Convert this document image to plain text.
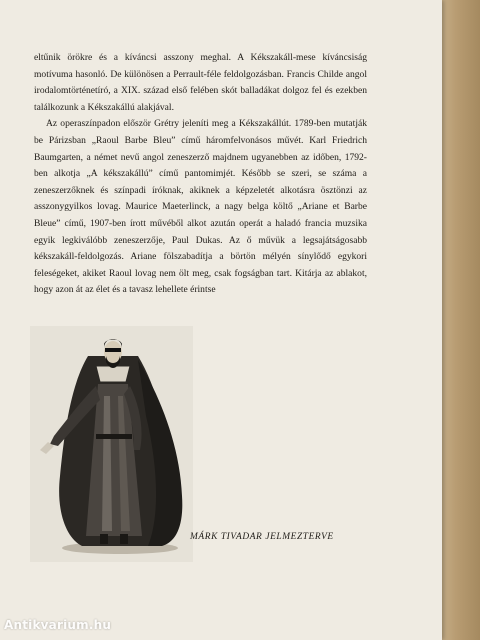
eltűnik örökre és a kíváncsi asszony meghal. A Kékszakáll-mese kíváncsiság motívuma hasonló. De különösen a Perrault-féle feldolgozásban. Francis Childe angol irodalomtörténetíró, a XIX. század első felében skót balladákat dolgoz fel és ezekben találkozunk a Kékszakállú alakjával.

Az operaszínpadon először Grétry jeleníti meg a Kékszakállút. 1789-ben mutatják be Párizsban „Raoul Barbe Bleu” című háromfelvonásos művét. Karl Friedrich Baumgarten, a német nevű angol zeneszerző majdnem ugyanebben az időben, 1792-ben alkotja „A kékszakállú” című pantomimjét. Később se szeri, se száma a zeneszerzőknek és színpadi íróknak, akiknek a képzeletét alkotásra ösztönzi az asszonygyilkos lovag. Maurice Maeterlinck, a nagy belga költő „Ariane et Barbe Bleue” című, 1907-ben írott művéből alkot azután operát a haladó francia muzsika egyik legkiválóbb zeneszerzője, Paul Dukas. Az ő művük a legsajátságosabb kékszakáll-feldolgozás. Ariane fölszabadítja a börtön mélyén sínylődő egykori feleségeket, akiket Raoul lovag nem ölt meg, csak fogságban tart. Kitárja az ablakot, hogy azon át az élet és a tavasz lehellete érintse

MÁRK TIVADAR JELMEZTERVE
Antikvarium.hu
